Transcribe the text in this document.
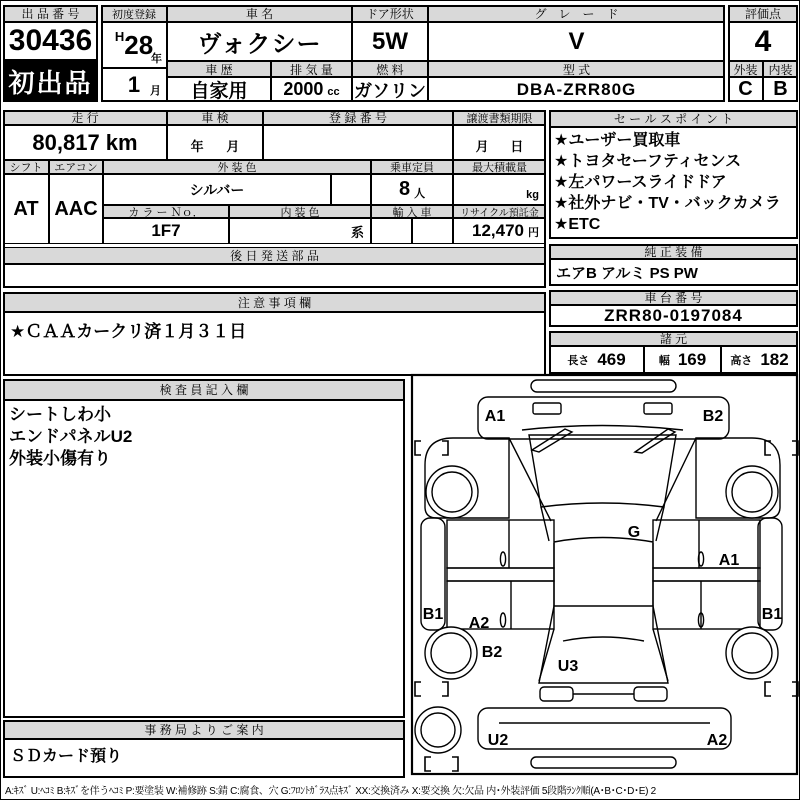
出 品 番 号
30436
初出品
初度登録
H 28
年
1 月
車 名
ヴォクシー
車 歴
自家用
排 気 量
2000 cc
ドア形状
5W
燃 料
ガソリン
グ　レ　ー　ド
V
型 式
DBA-ZRR80G
評価点
4
外装 内装
C	B
走 行
80,817 km
車 検
年 月
登 録 番 号	譲渡書類期限
月 日
シフト	エアコン
AT AAC
外 装 色
シルバー
乗車定員
8 人
最大積載量
kg
カ ラ ー Ｎｏ．
1F7
内 装 色
系
輸 入 車	リサイクル預託金
12,470 円
後 日 発 送 部 品
注 意 事 項 欄
★ＣＡＡカークリ済１月３１日
セ ー ル ス ポ イ ン ト
★ユーザー買取車
★トヨタセーフティセンス
★左パワースライドドア
★社外ナビ・TV・バックカメラ
★ETC
純 正 装 備
エアB アルミ PS PW
車 台 番 号
ZRR80-0197084
諸 元
長さ 469	幅 169 高さ 182
検 査 員 記 入 欄
シートしわ小
エンドパネルU2
外装小傷有り
事 務 局 よ り ご 案 内
ＳＤカード預り
A:ｷｽﾞ U:ﾍｺﾐ B:ｷｽﾞを伴うﾍｺﾐ P:要塗装 W:補修跡 S:錆 C:腐食、穴 G:ﾌﾛﾝﾄｶﾞﾗｽ点ｷｽﾞ XX:交換済み X:要交換 欠:欠品 内･外装評価 5段階ﾗﾝｸ順(A･B･C･D･E) 2
A1	B2
G
A1
B1
A2
B2
U3
B1
U2	A2
